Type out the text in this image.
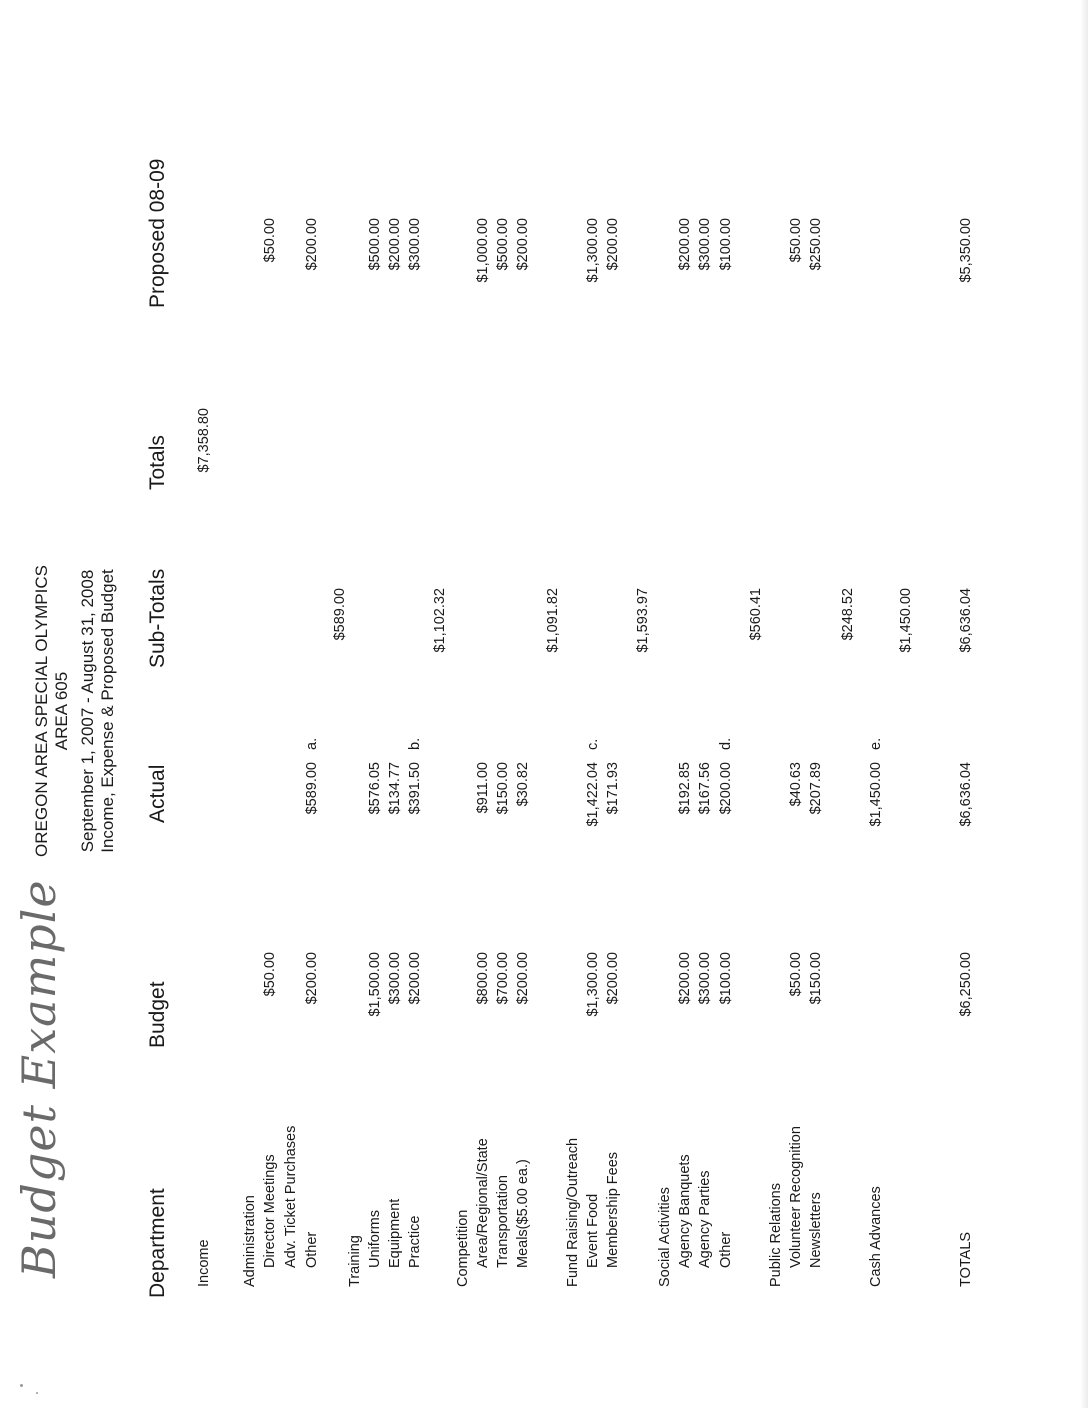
Budget Example
OREGON AREA SPECIAL OLYMPICS AREA 605 September 1, 2007 - August 31, 2008 Income, Expense & Proposed Budget
Department
Budget
Actual
Sub-Totals
Totals
Proposed 08-09
Income
$7,358.80
Administration Director Meetings
$50.00
$50.00
Adv. Ticket Purchases Other
$200.00
$589.00
$200.00
a.
$589.00
Training Uniforms
$1,500.00
$576.05
$500.00
Equipment
$300.00
$134.77
$200.00
Practice
$200.00
$391.50
$300.00
b.
$1,102.32
Competition Area/Regional/State
$800.00
$911.00
$1,000.00
Transportation
$700.00
$150.00
$500.00
Meals($5.00 ea.)
$200.00
$30.82
$200.00
$1,091.82
Fund Raising/Outreach Event Food
$1,300.00
$1,422.04
$1,300.00
c.
Membership Fees
$200.00
$171.93
$200.00
$1,593.97
Social Activities Agency Banquets
$200.00
$192.85
$200.00
Agency Parties
$300.00
$167.56
$300.00
Other
$100.00
$200.00
$100.00
d.
$560.41
Public Relations Volunteer Recognition
$50.00
$40.63
$50.00
Newsletters
$150.00
$207.89
$250.00
$248.52
Cash Advances
$1,450.00
e.
$1,450.00
TOTALS
$6,250.00
$6,636.04
$6,636.04
$5,350.00
